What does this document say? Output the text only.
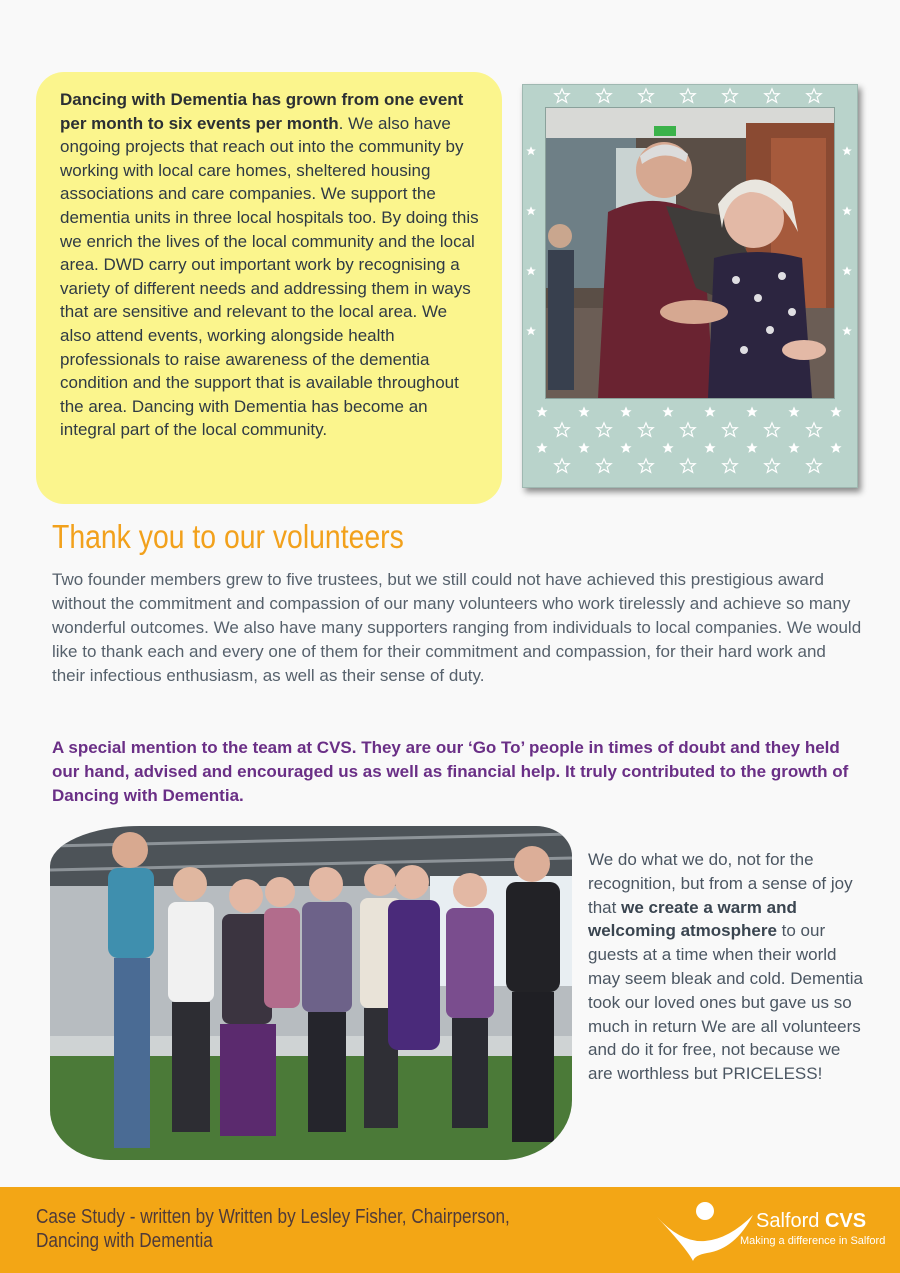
Dancing with Dementia has grown from one event per month to six events per month. We also have ongoing projects that reach out into the community by working with local care homes, sheltered housing associations and care companies. We support the dementia units in three local hospitals too. By doing this we enrich the lives of the local community and the local area. DWD carry out important work by recognising a variety of different needs and addressing them in ways that are sensitive and relevant to the local area. We also attend events, working alongside health professionals to raise awareness of the dementia condition and the support that is available throughout the area. Dancing with Dementia has become an integral part of the local community.
Thank you to our volunteers

Two founder members grew to five trustees, but we still could not have achieved this prestigious award without the commitment and compassion of our many volunteers who work tirelessly and achieve so many wonderful outcomes. We also have many supporters ranging from individuals to local companies. We would like to thank each and every one of them for their commitment and compassion, for their hard work and their infectious enthusiasm, as well as their sense of duty.

A special mention to the team at CVS. They are our ‘Go To’ people in times of doubt and they held our hand, advised and encouraged us as well as financial help. It truly contributed to the growth of Dancing with Dementia.

We do what we do, not for the recognition, but from a sense of joy that we create a warm and welcoming atmosphere to our guests at a time when their world may seem bleak and cold. Dementia took our loved ones but gave us so much in return We are all volunteers and do it for free, not because we are worthless but PRICELESS!

Case Study - written by Written by Lesley Fisher, Chairperson,
Dancing with Dementia
Salford CVS
Making a difference in Salford
